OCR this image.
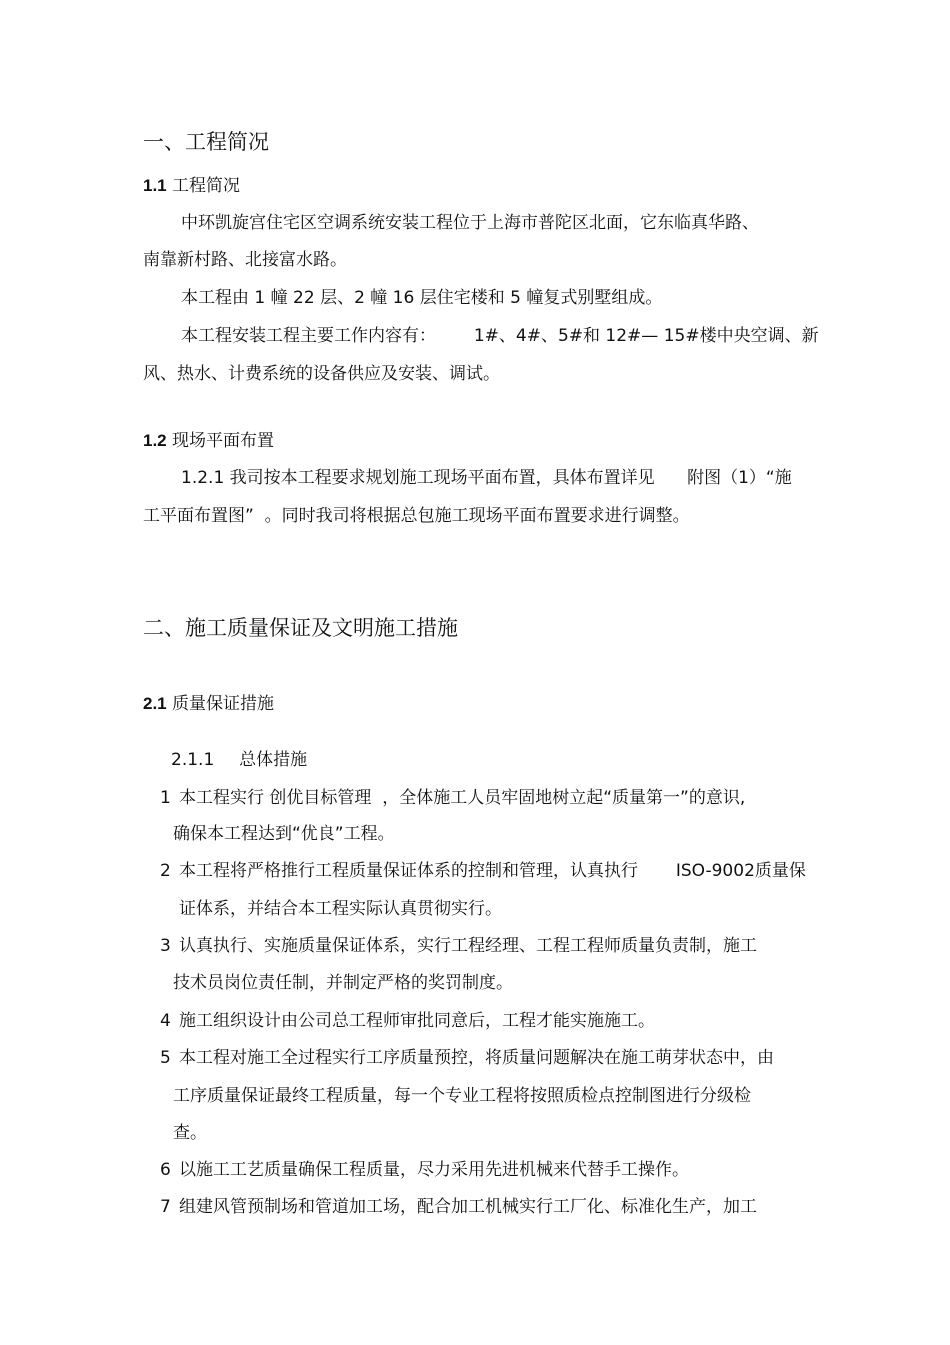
一、工程简况
1.1 工程简况
中环凯旋宫住宅区空调系统安装工程位于上海市普陀区北面，它东临真华路、
南靠新村路、北接富水路。
本工程由 1 幢 22 层、2 幢 16 层住宅楼和 5 幢复式别墅组成。
本工程安装工程主要工作内容有：       1#、4#、5#和 12#— 15#楼中央空调、新
风、热水、计费系统的设备供应及安装、调试。
1.2 现场平面布置
1.2.1 我司按本工程要求规划施工现场平面布置，具体布置详见      附图（1）“施
工平面布置图”  。同时我司将根据总包施工现场平面布置要求进行调整。
二、施工质量保证及文明施工措施
2.1 质量保证措施
2.1.1 总体措施
1 本工程实行 创优目标管理  ，全体施工人员牢固地树立起“质量第一”的意识,
确保本工程达到“优良”工程。
2 本工程将严格推行工程质量保证体系的控制和管理，认真执行       ISO-9002质量保
证体系，并结合本工程实际认真贯彻实行。
3 认真执行、实施质量保证体系，实行工程经理、工程工程师质量负责制，施工
技术员岗位责任制，并制定严格的奖罚制度。
4 施工组织设计由公司总工程师审批同意后，工程才能实施施工。
5 本工程对施工全过程实行工序质量预控，将质量问题解决在施工萌芽状态中，由
工序质量保证最终工程质量，每一个专业工程将按照质检点控制图进行分级检
查。
6 以施工工艺质量确保工程质量，尽力采用先进机械来代替手工操作。
7 组建风管预制场和管道加工场，配合加工机械实行工厂化、标准化生产，加工
